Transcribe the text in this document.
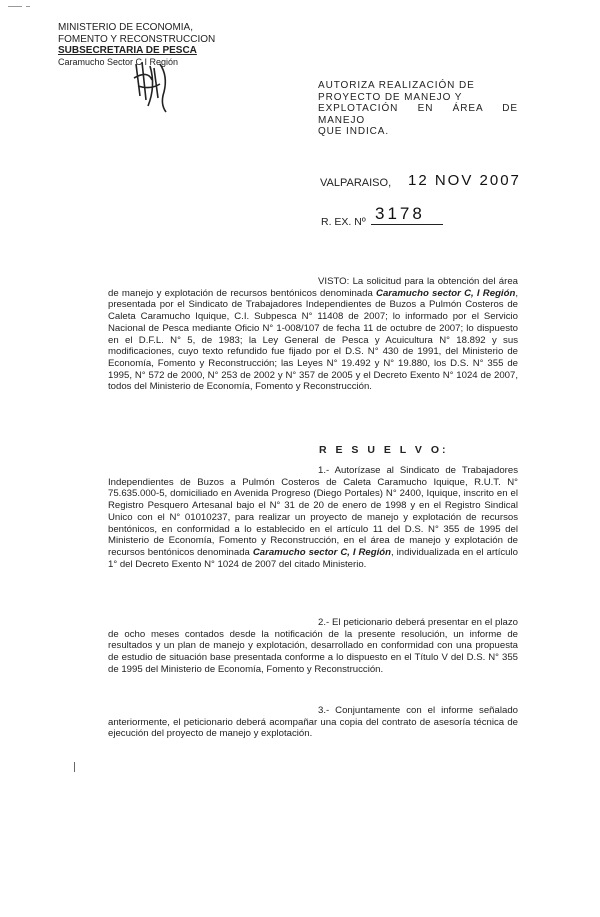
MINISTERIO DE ECONOMIA,
FOMENTO Y RECONSTRUCCION
SUBSECRETARIA DE PESCA
Caramucho Sector C I Región

AUTORIZA REALIZACIÓN DE

PROYECTO DE MANEJO Y

EXPLOTACIÓN EN ÁREA DE MANEJO

QUE INDICA.

VALPARAISO, 12 NOV 2007
R. EX. Nº 3178

VISTO: La solicitud para la obtención del área de manejo y explotación de recursos bentónicos denominada Caramucho sector C, I Región, presentada por el Sindicato de Trabajadores Independientes de Buzos a Pulmón Costeros de Caleta Caramucho Iquique, C.I. Subpesca N° 11408 de 2007; lo informado por el Servicio Nacional de Pesca mediante Oficio N° 1-008/107 de fecha 11 de octubre de 2007; lo dispuesto en el D.F.L. N° 5, de 1983; la Ley General de Pesca y Acuicultura N° 18.892 y sus modificaciones, cuyo texto refundido fue fijado por el D.S. N° 430 de 1991, del Ministerio de Economía, Fomento y Reconstrucción; las Leyes N° 19.492 y N° 19.880, los D.S. N° 355 de 1995, N° 572 de 2000, N° 253 de 2002 y N° 357 de 2005 y el Decreto Exento N° 1024 de 2007, todos del Ministerio de Economía, Fomento y Reconstrucción.

R E S U E L V O:

1.- Autorízase al Sindicato de Trabajadores Independientes de Buzos a Pulmón Costeros de Caleta Caramucho Iquique, R.U.T. N° 75.635.000-5, domiciliado en Avenida Progreso (Diego Portales) N° 2400, Iquique, inscrito en el Registro Pesquero Artesanal bajo el N° 31 de 20 de enero de 1998 y en el Registro Sindical Unico con el N° 01010237, para realizar un proyecto de manejo y explotación de recursos bentónicos, en conformidad a lo establecido en el artículo 11 del D.S. N° 355 de 1995 del Ministerio de Economía, Fomento y Reconstrucción, en el área de manejo y explotación de recursos bentónicos denominada Caramucho sector C, I Región, individualizada en el artículo 1° del Decreto Exento N° 1024 de 2007 del citado Ministerio.

2.- El peticionario deberá presentar en el plazo de ocho meses contados desde la notificación de la presente resolución, un informe de resultados y un plan de manejo y explotación, desarrollado en conformidad con una propuesta de estudio de situación base presentada conforme a lo dispuesto en el Título V del D.S. N° 355 de 1995 del Ministerio de Economía, Fomento y Reconstrucción.

3.- Conjuntamente con el informe señalado anteriormente, el peticionario deberá acompañar una copia del contrato de asesoría técnica de ejecución del proyecto de manejo y explotación.
